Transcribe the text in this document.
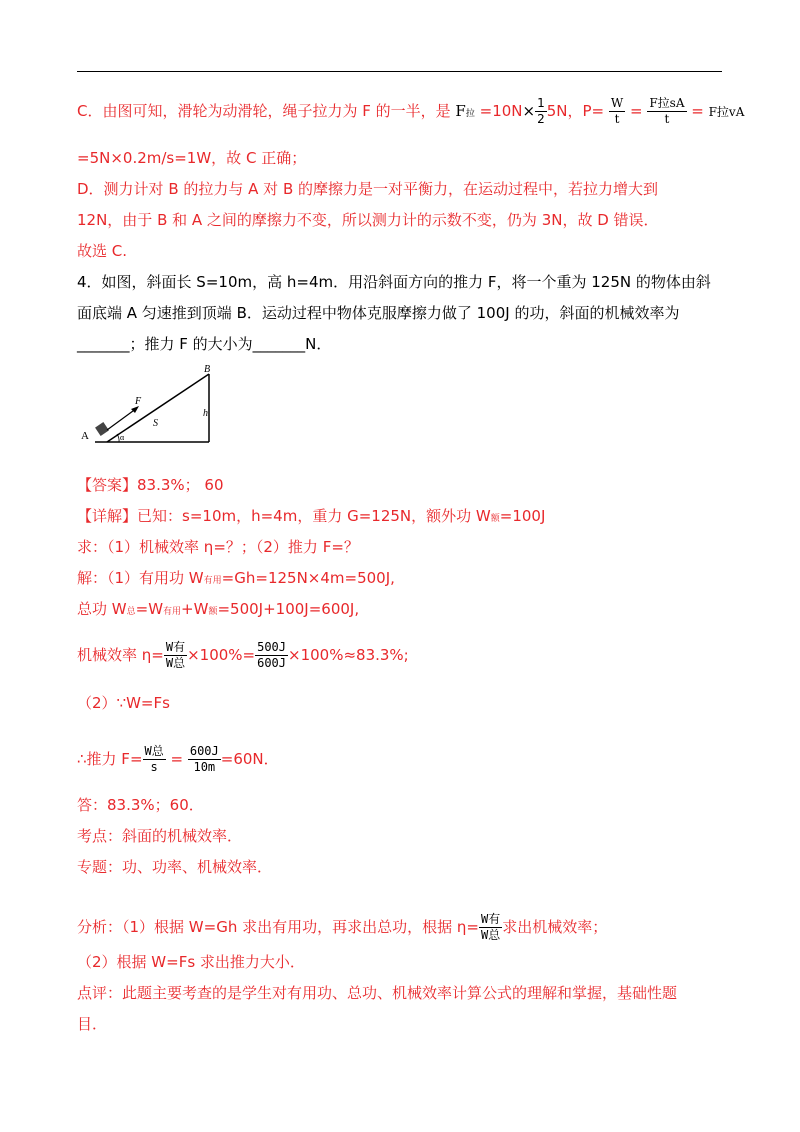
C．由图可知，滑轮为动滑轮，绳子拉力为 F 的一半，是 F拉 $=10N\times \frac{1}{2} 5N$，$P= \frac{W}{t} = \frac{\text{F拉sA}}{t} = F$拉vA
=5N×0.2m/s=1W，故 C 正确；
D．测力计对 B 的拉力与 A 对 B 的摩擦力是一对平衡力，在运动过程中，若拉力增大到
12N，由于 B 和 A 之间的摩擦力不变，所以测力计的示数不变，仍为 3N，故 D 错误．
故选 C.
4．如图，斜面长 S=10m，高 h=4m．用沿斜面方向的推力 F，将一个重为 125N 的物体由斜
面底端 A 匀速推到顶端 B．运动过程中物体克服摩擦力做了 100J 的功，斜面的机械效率为
_______；推力 F 的大小为_______N．
A
B
F
S
h
α
【答案】83.3%； 60
【详解】已知：s=10m，h=4m，重力 G=125N，额外功 W额=100J
求：（1）机械效率 η=？；（2）推力 F=？
解：（1）有用功 W有用=Gh=125N×4m=500J,
总功 W总=W有用+W额=500J+100J=600J,
机械效率 $\eta= \frac{\text{W有}}{\text{W总}} \times 100\%= \frac{500J}{600J} \times 100\%\approx 83.3\%$;
（2）∵W=Fs
∴推力 $F= \frac{\text{W总}}{s} = \frac{600J}{10m} =60N$．
答：83.3%；60．
考点：斜面的机械效率．
专题：功、功率、机械效率．
分析：（1）根据 W=Gh 求出有用功，再求出总功，根据 $\eta= \frac{\text{W有}}{\text{W总}}$ 求出机械效率；
（2）根据 W=Fs 求出推力大小．
点评：此题主要考查的是学生对有用功、总功、机械效率计算公式的理解和掌握，基础性题
目．
